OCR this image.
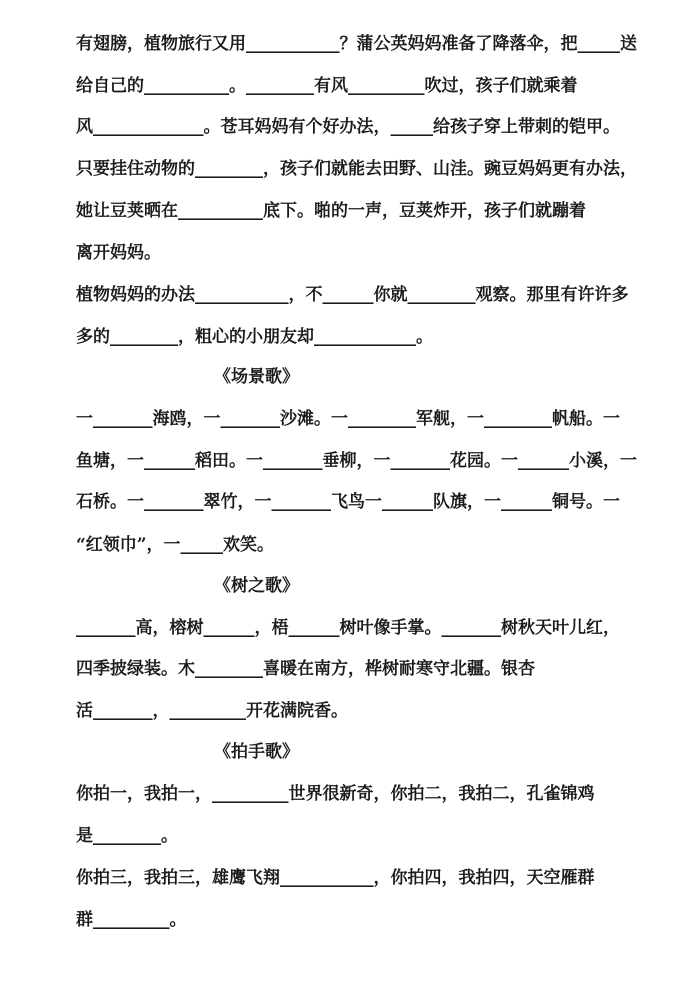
有翅膀，植物旅行又用___________？蒲公英妈妈准备了降落伞，把_____送
给自己的__________。________有风_________吹过，孩子们就乘着
风_____________。苍耳妈妈有个好办法，_____给孩子穿上带刺的铠甲。
只要挂住动物的________，孩子们就能去田野、山洼。豌豆妈妈更有办法，
她让豆荚晒在__________底下。啪的一声，豆荚炸开，孩子们就蹦着
离开妈妈。
植物妈妈的办法___________，不______你就________观察。那里有许许多
多的________，粗心的小朋友却____________。
《场景歌》
一_______海鸥，一_______沙滩。一________军舰，一________帆船。一
鱼塘，一______稻田。一_______垂柳，一_______花园。一______小溪，一
石桥。一_______翠竹，一_______飞鸟一______队旗，一______铜号。一
“红领巾”，一_____欢笑。
《树之歌》
_______高，榕树______，梧______树叶像手掌。_______树秋天叶儿红，
四季披绿装。木________喜暖在南方，桦树耐寒守北疆。银杏
活_______，_________开花满院香。
《拍手歌》
你拍一，我拍一，_________世界很新奇，你拍二，我拍二，孔雀锦鸡
是________。
你拍三，我拍三，雄鹰飞翔___________，你拍四，我拍四，天空雁群
群_________。
